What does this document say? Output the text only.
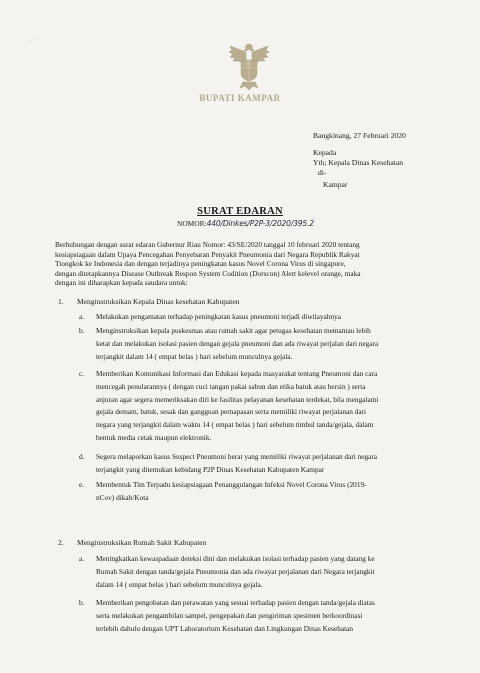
·´
BUPATI KAMPAR
Bangkinang, 27 Februari 2020
Kepada
Yth; Kepala Dinas Kesehatan
di-
Kampar
SURAT EDARAN
NOMOR:440/Dinkes/P2P-3/2020/395.2
Berhubungan dengan surat edaran Gubernur Riau Nomor: 43/SE/2020 tanggal 10 februari 2020 tentang
kesiapsiagaan dalam Upaya Pencegahan Penyebaran Penyakit Pneumonia dari Negara Republik Rakyat
Tiongkok ke Indonesia dan dengan terjadinya peningkatan kasus Novel Corona Virus di singapure,
dengan ditetapkannya Disease Outbreak Respon System Codition (Dorscon) Alert kelevel orange, maka
dengan ini diharapkan kepada saudara untuk:
1. Menginstruksikan Kepala Dinas kesehatan Kabupaten
a. Melakukan pengamatan terhadap peningkatan kasus pneumoni terjadi diwilayahnya
b. Menginstruksikan kepala puskesmas atau rumah sakit agar petugas kesehatan memantau lebih
ketat dan melakukan isolasi pasien dengan gejala pneumoni dan ada riwayat perjalan dari negara
terjangkit dalam 14 ( empat belas ) hari sebelum munculnya gejala.
c. Memberikan Komunikasi Informasi dan Edukasi kepada masyarakat tentang Pneumoni dan cara
mencegah penularannya ( dengan cuci tangan pakai sabun dan etika batuk atau bersin ) serta
anjuran agar segera memeriksakan diri ke fasilitas pelayanan kesehatan terdekat, bila mengalami
gejala demam, batuk, sesak dan gangguan pernapasan serta memiliki riwayat perjalanan dari
negara yang terjangkit dalam waktu 14 ( empat belas ) hari sebelum timbul tanda/gejala, dalam
bentuk media cetak maupun elektronik.
d. Segera melaporkan kasus Suspect Pneumoni berat yang memiliki riwayat perjalanan dari negara
terjangkit yang ditemukan kebidang P2P Dinas Kesehatan Kabupaten Kampar
e. Membentuk Tim Terpadu kesiapsiagaan Penanggulangan Infeksi Novel Corona Virus (2019-
nCov) dikab/Kota
2. Menginstruksikan Rumah Sakit Kabupaten
a. Meningkatkan kewaspadaan deteksi dini dan melakukan isolasi terhadap pasien yang datang ke
Rumah Sakit dengan tanda/gejala Pneumonia dan ada riwayat perjalanan dari Negara terjangkit
dalam 14 ( empat belas ) hari sebelum munculnya gejala.
b. Memberikan pengobatan dan perawatan yang sesuai terhadap pasien dengan tanda/gejala diatas
serta melakukan pengambilan sampel, pengepakan dan pengiriman spesimen berkoordinasi
terlebih dahulu dengan UPT Laboratorium Kesehatan dan Lingkungan Dinas Kesehatan
